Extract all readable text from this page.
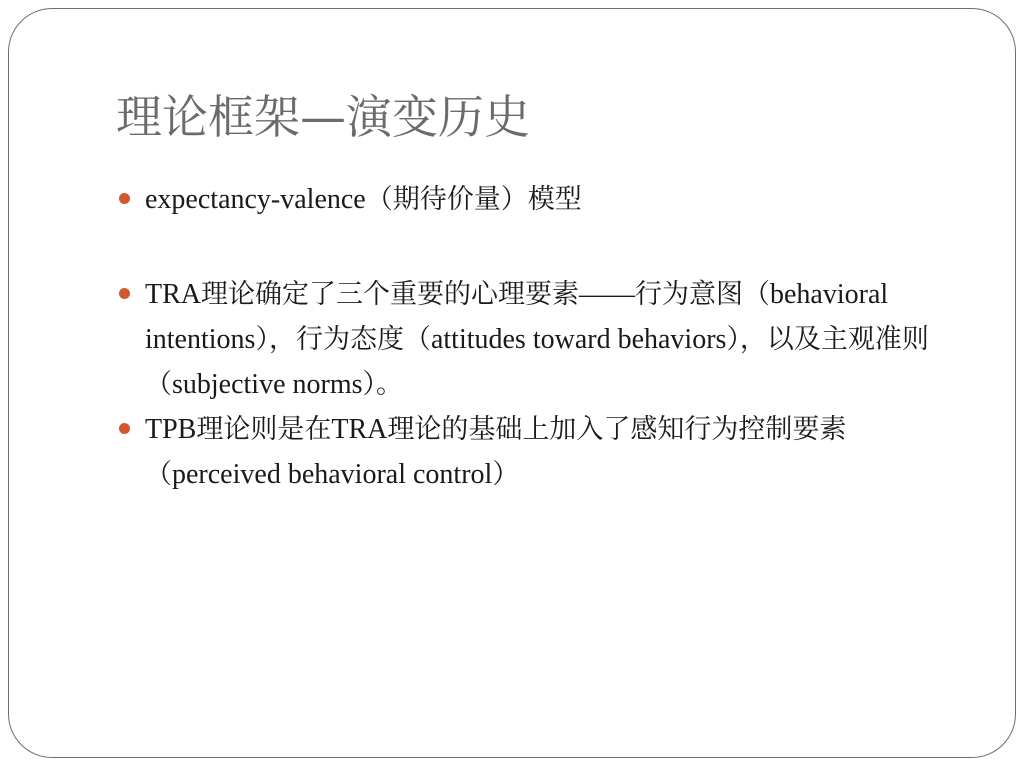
理论框架—演变历史
expectancy-valence（期待价量）模型
TRA理论确定了三个重要的心理要素——行为意图（behavioral intentions），行为态度（attitudes toward behaviors），以及主观准则（subjective norms）。
TPB理论则是在TRA理论的基础上加入了感知行为控制要素（perceived behavioral control）
